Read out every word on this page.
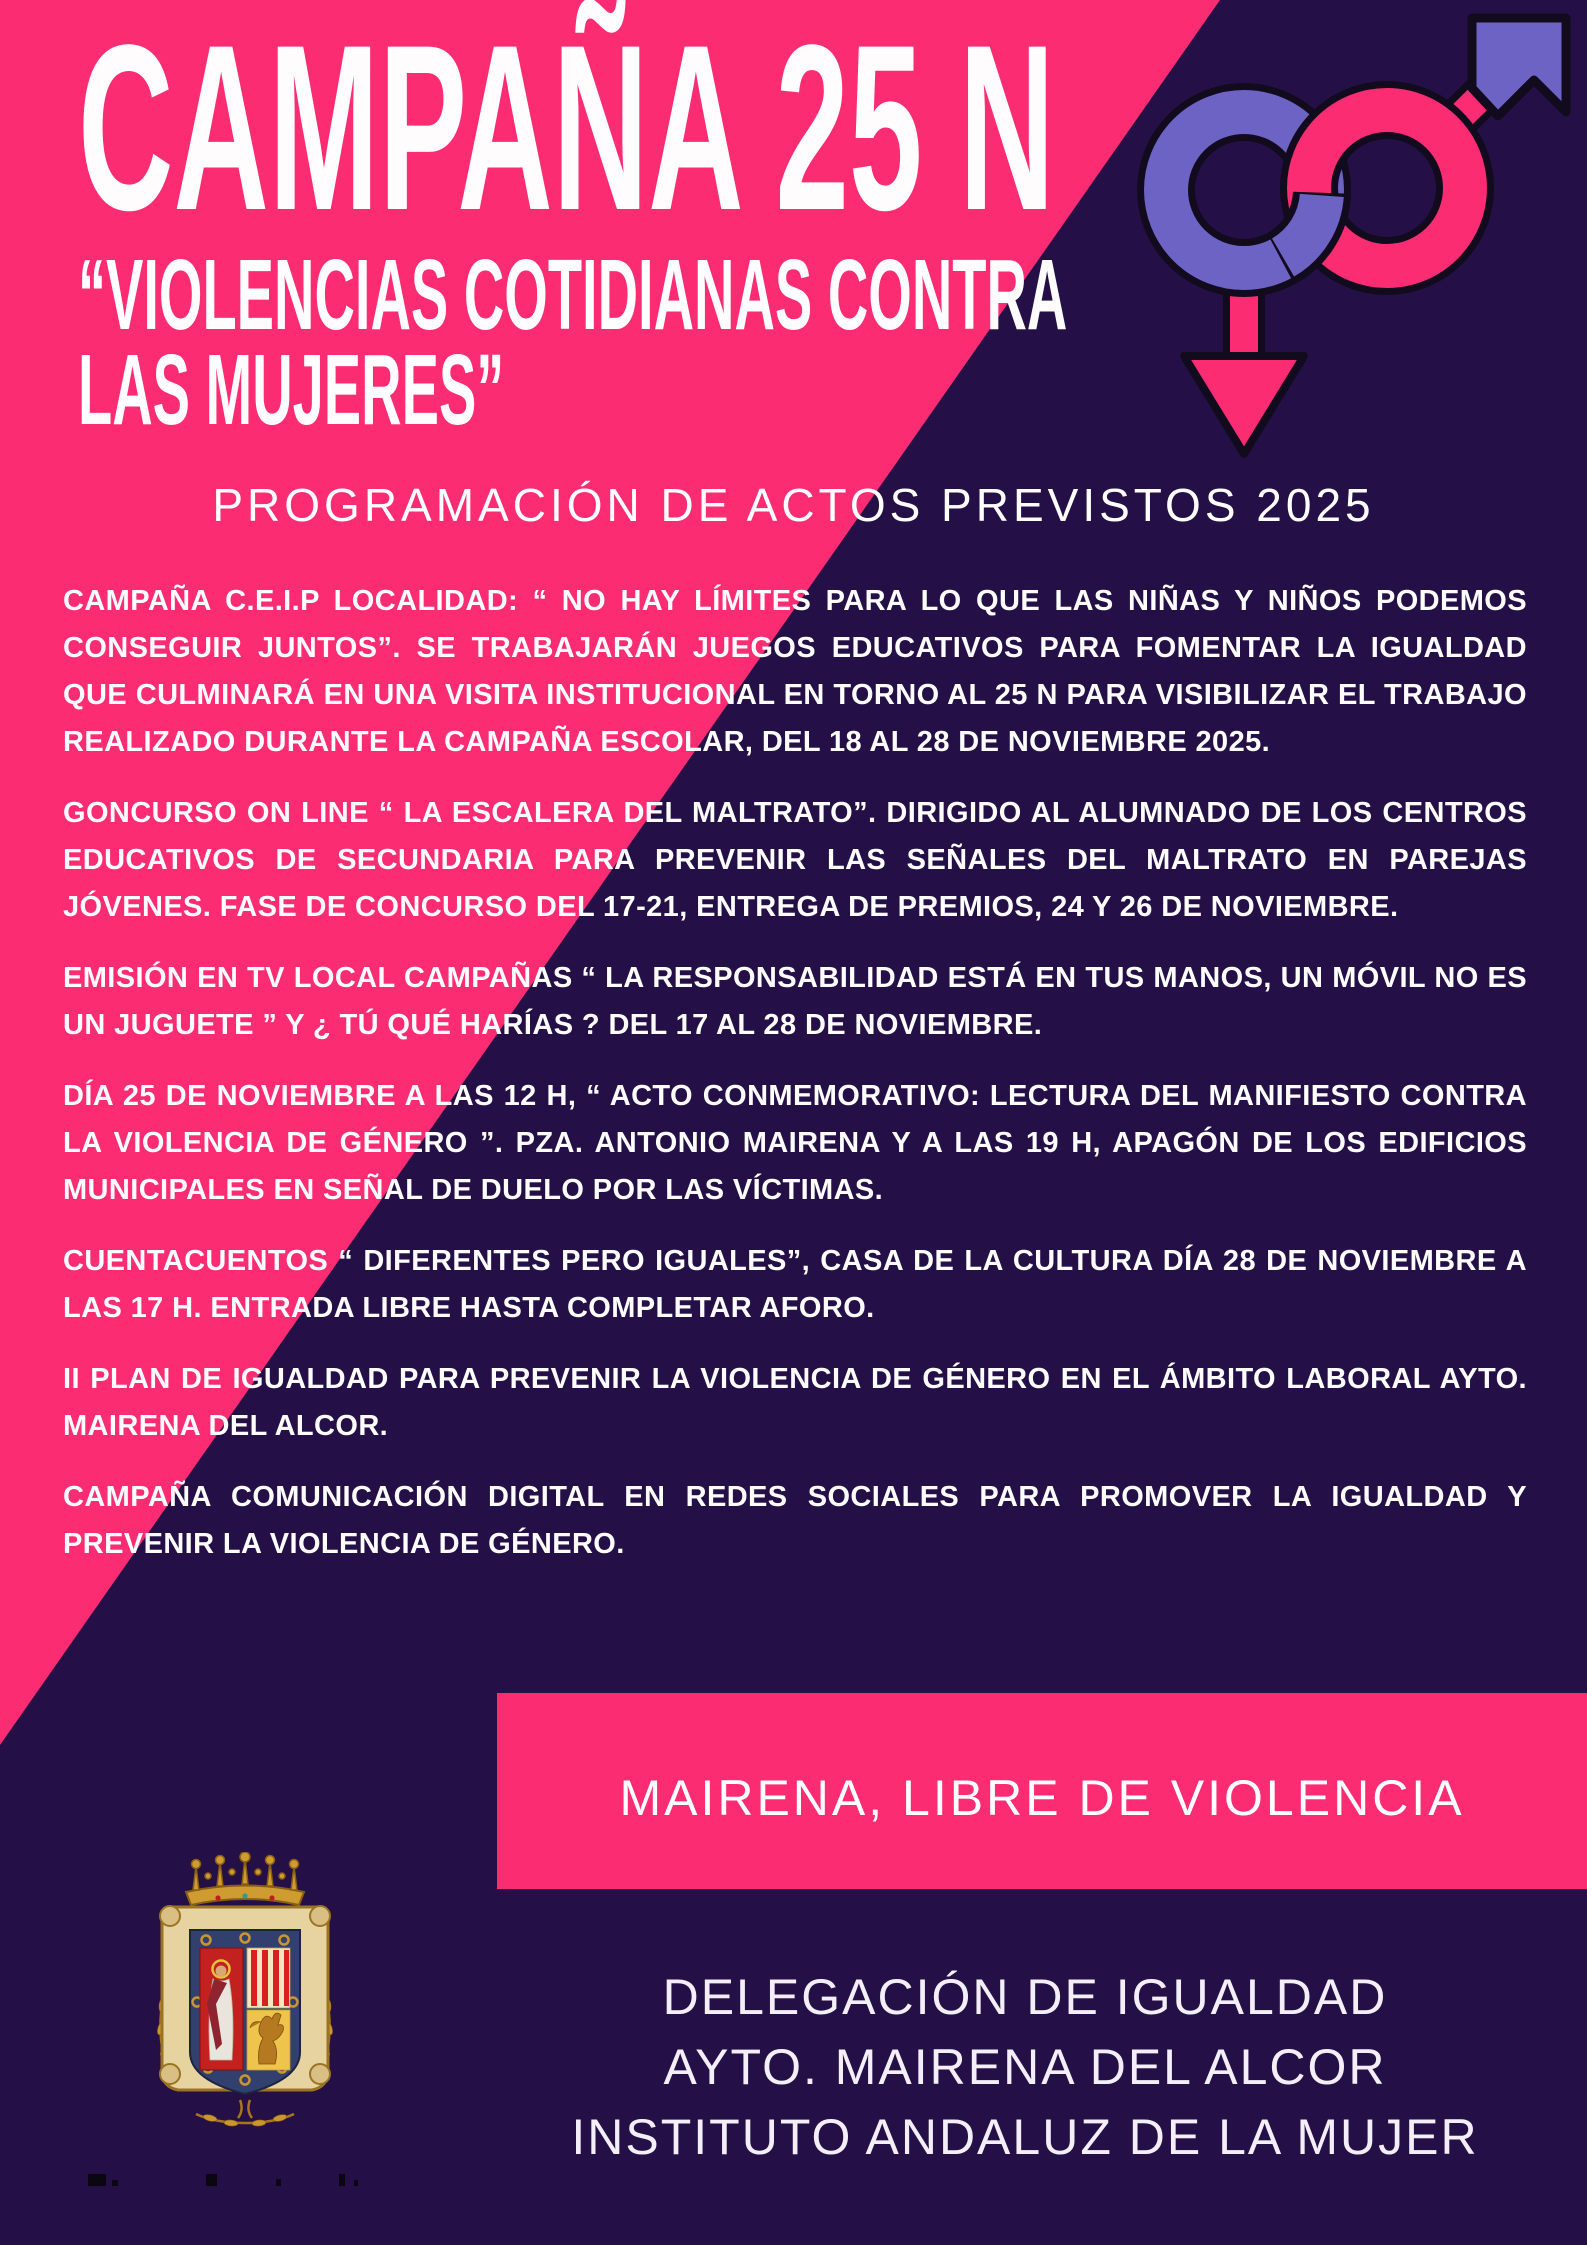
CAMPAÑA 25 N
“VIOLENCIAS COTIDIANAS CONTRA
LAS MUJERES”
PROGRAMACIÓN DE ACTOS PREVISTOS 2025

CAMPAÑA C.E.I.P LOCALIDAD: “ NO HAY LÍMITES PARA LO QUE LAS NIÑAS Y NIÑOS PODEMOS CONSEGUIR JUNTOS”. SE TRABAJARÁN JUEGOS EDUCATIVOS PARA FOMENTAR LA IGUALDAD QUE CULMINARÁ EN UNA VISITA INSTITUCIONAL EN TORNO AL 25 N PARA VISIBILIZAR EL TRABAJO REALIZADO DURANTE LA CAMPAÑA ESCOLAR, DEL 18 AL 28 DE NOVIEMBRE 2025.

GONCURSO ON LINE “ LA ESCALERA DEL MALTRATO”. DIRIGIDO AL ALUMNADO DE LOS CENTROS EDUCATIVOS DE SECUNDARIA PARA PREVENIR LAS SEÑALES DEL MALTRATO EN PAREJAS JÓVENES. FASE DE CONCURSO DEL 17-21, ENTREGA DE PREMIOS, 24 Y 26 DE NOVIEMBRE.

EMISIÓN EN TV LOCAL CAMPAÑAS “ LA RESPONSABILIDAD ESTÁ EN TUS MANOS, UN MÓVIL NO ES UN JUGUETE ” Y ¿ TÚ QUÉ HARÍAS ? DEL 17 AL 28 DE NOVIEMBRE.

DÍA 25 DE NOVIEMBRE A LAS 12 H, “ ACTO CONMEMORATIVO: LECTURA DEL MANIFIESTO CONTRA LA VIOLENCIA DE GÉNERO ”. PZA. ANTONIO MAIRENA Y A LAS 19 H, APAGÓN DE LOS EDIFICIOS MUNICIPALES EN SEÑAL DE DUELO POR LAS VÍCTIMAS.

CUENTACUENTOS “ DIFERENTES PERO IGUALES”, CASA DE LA CULTURA DÍA 28 DE NOVIEMBRE A LAS 17 H. ENTRADA LIBRE HASTA COMPLETAR AFORO.

II PLAN DE IGUALDAD PARA PREVENIR LA VIOLENCIA DE GÉNERO EN EL ÁMBITO LABORAL AYTO. MAIRENA DEL ALCOR.

CAMPAÑA COMUNICACIÓN DIGITAL EN REDES SOCIALES PARA PROMOVER LA IGUALDAD Y PREVENIR LA VIOLENCIA DE GÉNERO.

MAIRENA, LIBRE DE VIOLENCIA
DELEGACIÓN DE IGUALDAD
AYTO. MAIRENA DEL ALCOR
INSTITUTO ANDALUZ DE LA MUJER
